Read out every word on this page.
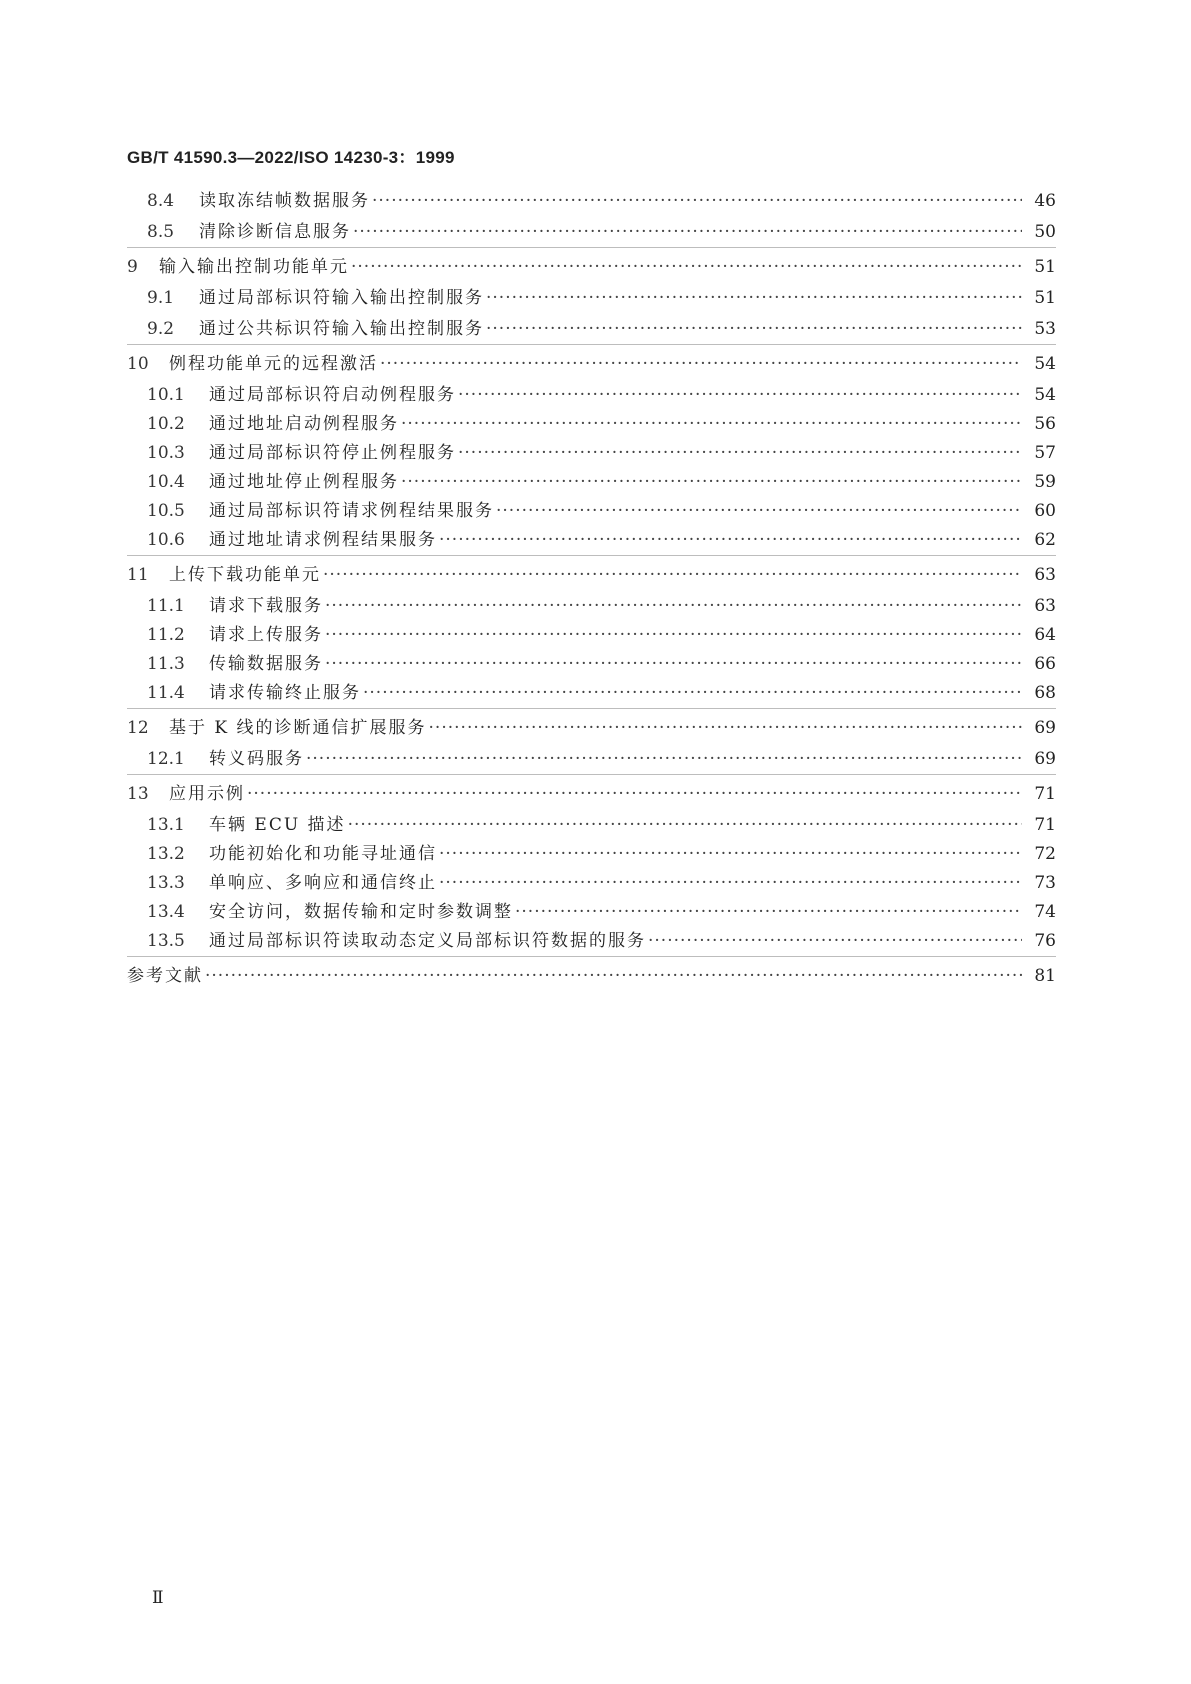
GB/T 41590.3—2022/ISO 14230-3：1999
8.4	读取冻结帧数据服务 ·····	46
8.5	清除诊断信息服务 ·····	50
9	输入输出控制功能单元 ·····	51
9.1	通过局部标识符输入输出控制服务 ·····	51
9.2	通过公共标识符输入输出控制服务 ·····	53
10	例程功能单元的远程激活 ·····	54
10.1	通过局部标识符启动例程服务 ·····	54
10.2	通过地址启动例程服务 ·····	56
10.3	通过局部标识符停止例程服务 ·····	57
10.4	通过地址停止例程服务 ·····	59
10.5	通过局部标识符请求例程结果服务 ·····	60
10.6	通过地址请求例程结果服务 ·····	62
11	上传下载功能单元 ·····	63
11.1	请求下载服务 ·····	63
11.2	请求上传服务 ·····	64
11.3	传输数据服务 ·····	66
11.4	请求传输终止服务 ·····	68
12	基于 K 线的诊断通信扩展服务 ·····	69
12.1	转义码服务 ·····	69
13	应用示例 ·····	71
13.1	车辆 ECU 描述 ·····	71
13.2	功能初始化和功能寻址通信 ·····	72
13.3	单响应、多响应和通信终止 ·····	73
13.4	安全访问，数据传输和定时参数调整 ·····	74
13.5	通过局部标识符读取动态定义局部标识符数据的服务 ·····	76
参考文献 ·····	81
Ⅱ
